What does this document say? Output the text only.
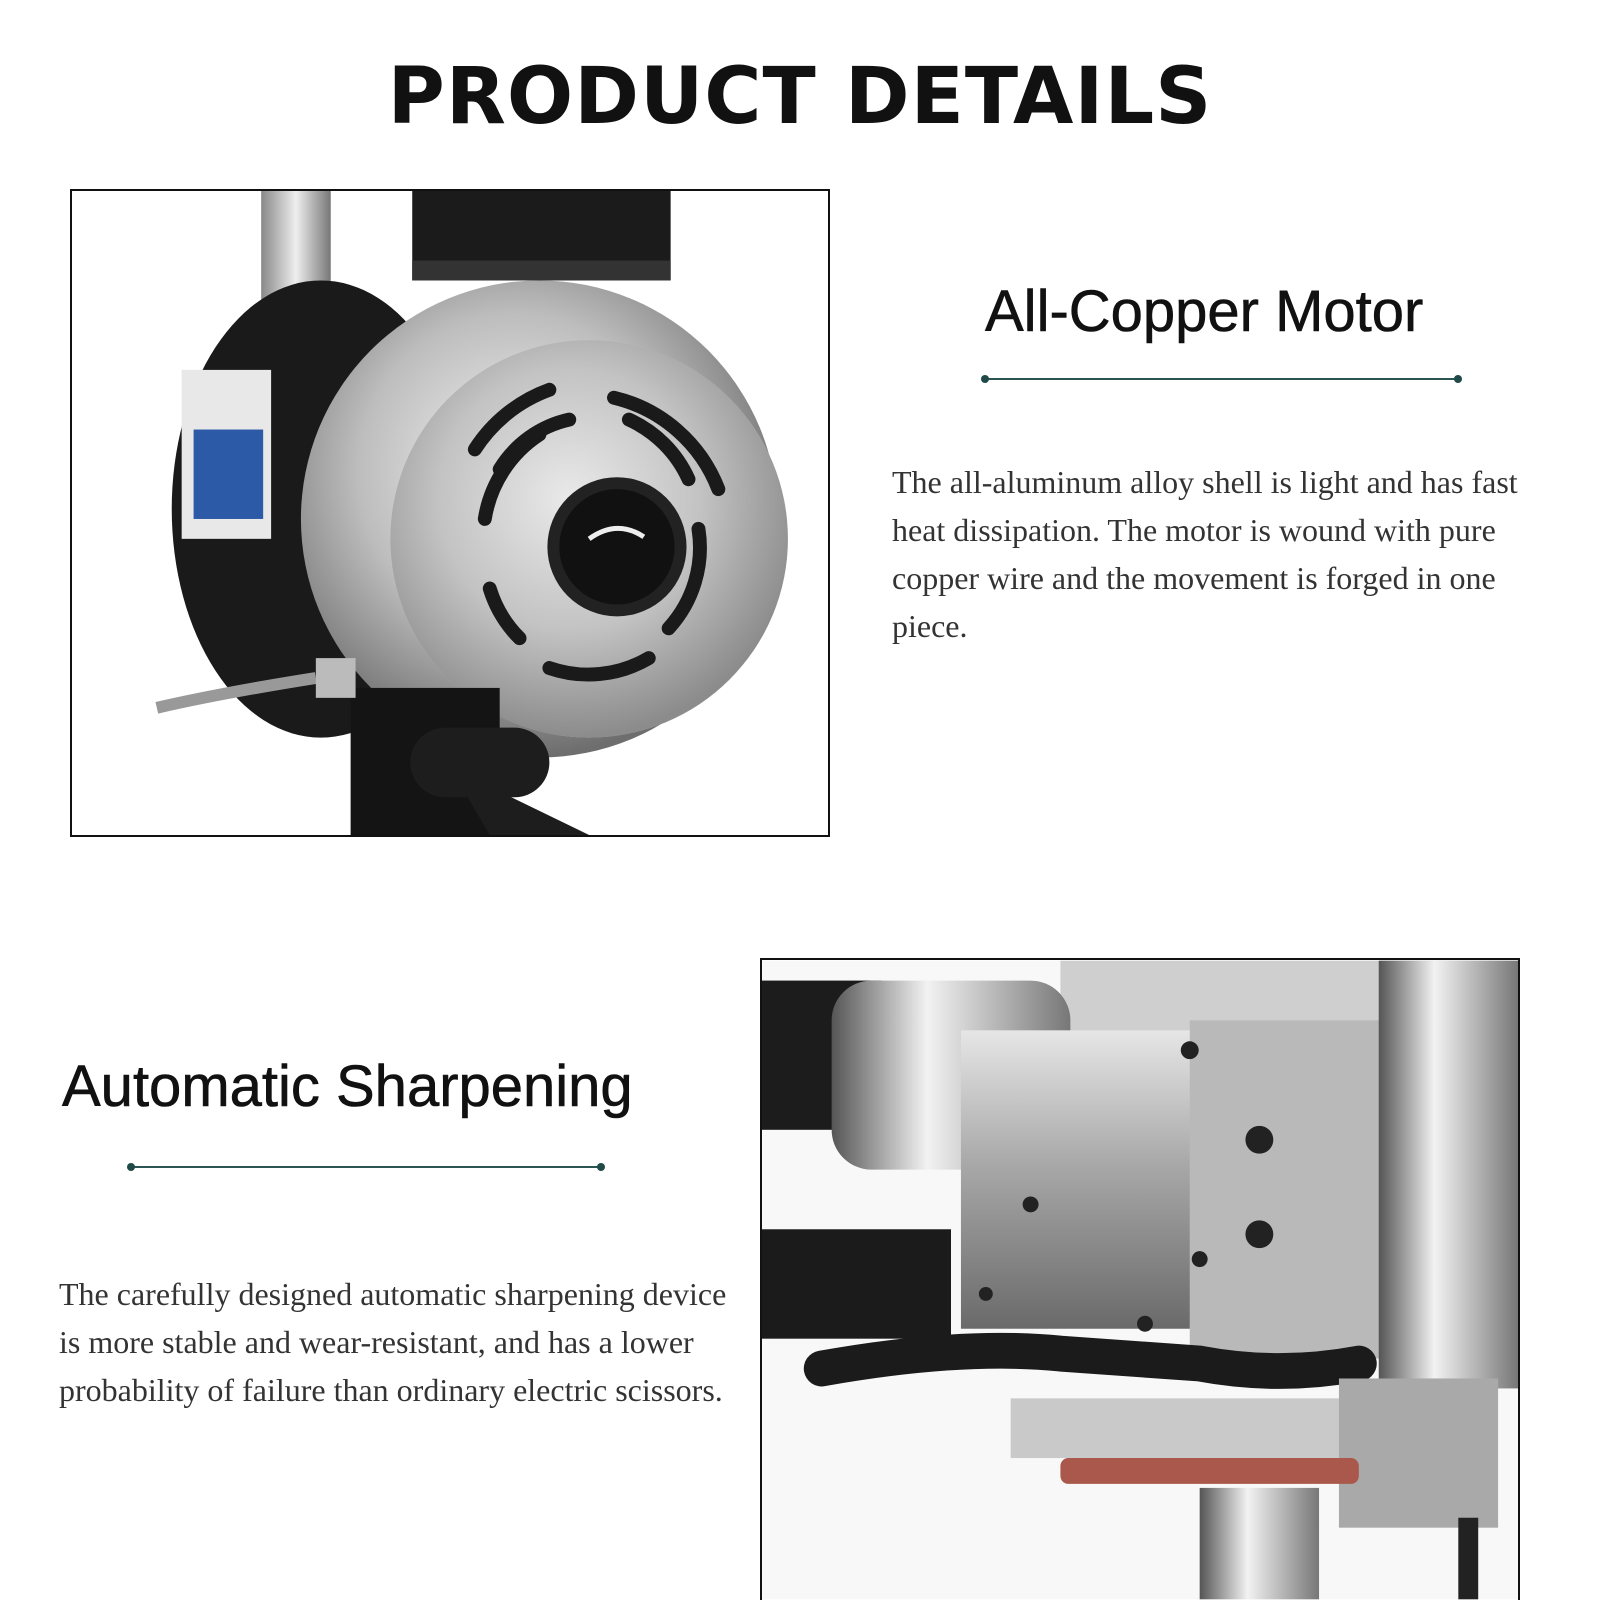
PRODUCT DETAILS
All-Copper Motor

The all-aluminum alloy shell is light and has fast heat dissipation. The motor is wound with pure copper wire and the movement is forged in one piece.

Automatic Sharpening

The carefully designed automatic sharpening device is more stable and wear-resistant, and has a lower probability of failure than ordinary electric scissors.
